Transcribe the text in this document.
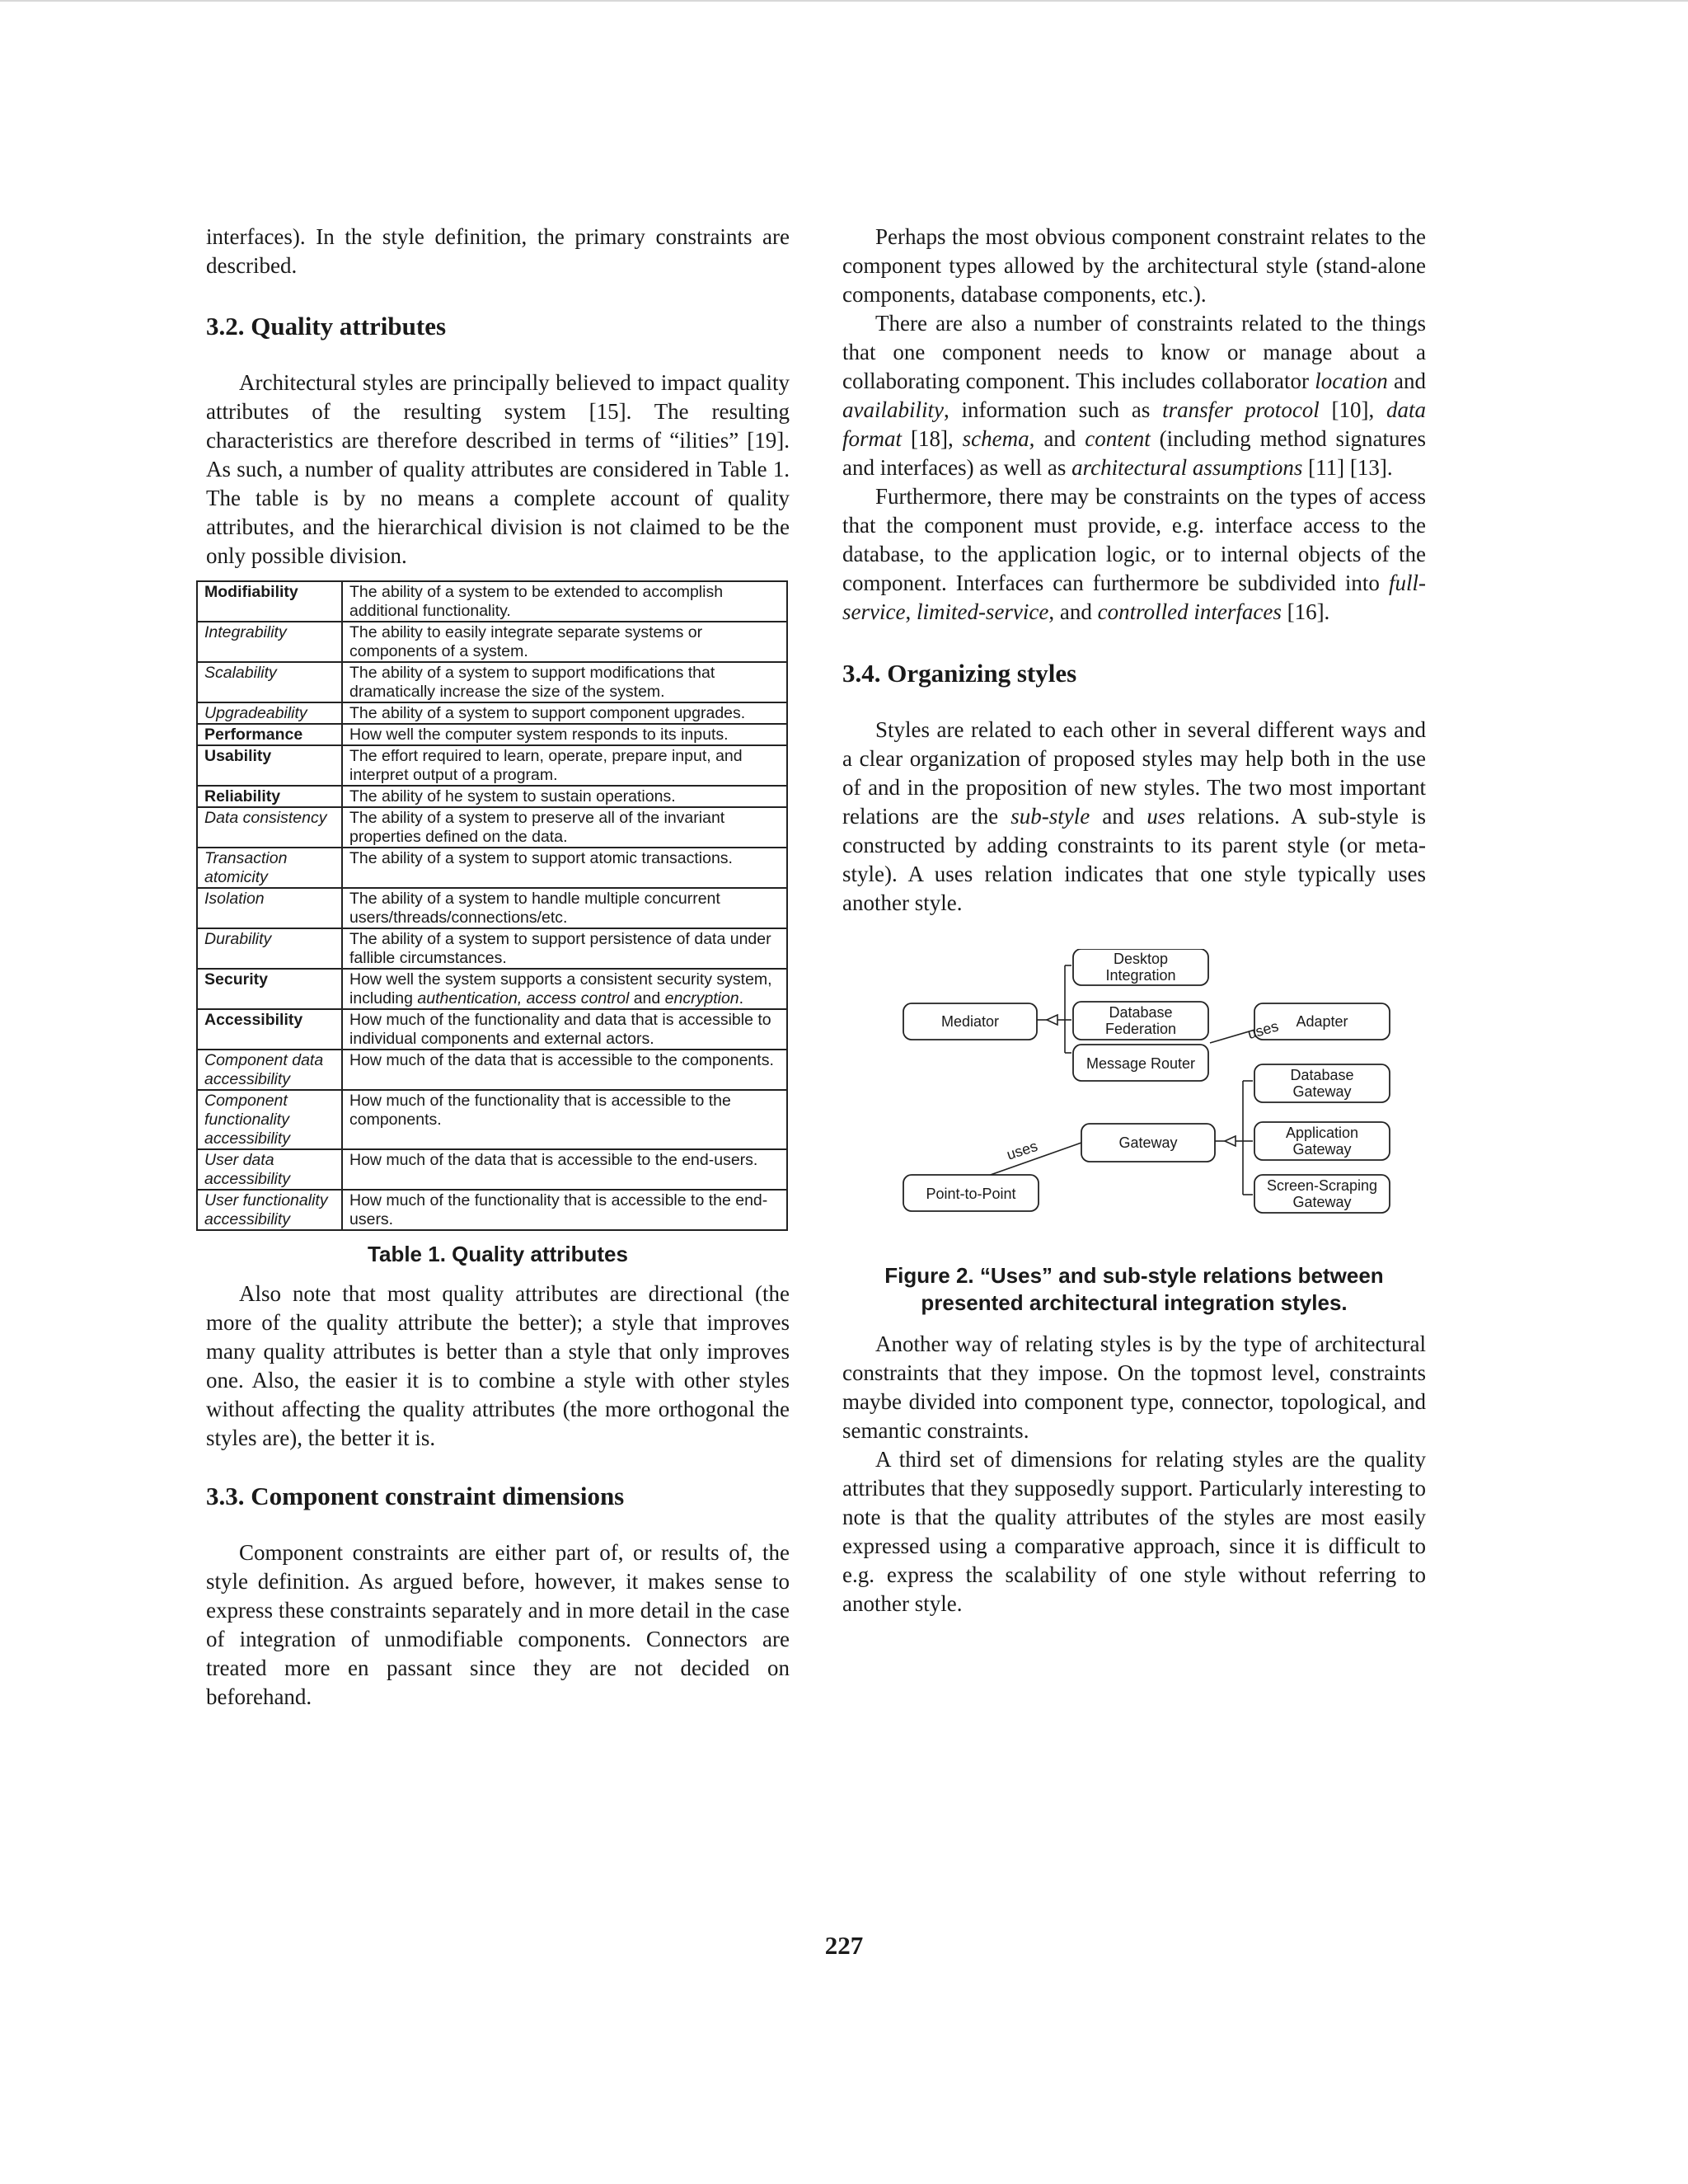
interfaces). In the style definition, the primary constraints are described.

3.2. Quality attributes

Architectural styles are principally believed to impact quality attributes of the resulting system [15]. The resulting characteristics are therefore described in terms of “ilities” [19]. As such, a number of quality attributes are considered in Table 1. The table is by no means a complete account of quality attributes, and the hierarchical division is not claimed to be the only possible division.

Modifiability	The ability of a system to be extended to accomplish additional functionality.
Integrability	The ability to easily integrate separate systems or components of a system.
Scalability	The ability of a system to support modifications that dramatically increase the size of the system.
Upgradeability	The ability of a system to support component upgrades.
Performance	How well the computer system responds to its inputs.
Usability	The effort required to learn, operate, prepare input, and interpret output of a program.
Reliability	The ability of he system to sustain operations.
Data consistency	The ability of a system to preserve all of the invariant properties defined on the data.
Transaction atomicity	The ability of a system to support atomic transactions.
Isolation	The ability of a system to handle multiple concurrent users/threads/connections/etc.
Durability	The ability of a system to support persistence of data under fallible circumstances.
Security	How well the system supports a consistent security system, including authentication, access control and encryption.
Accessibility	How much of the functionality and data that is accessible to individual components and external actors.
Component data accessibility	How much of the data that is accessible to the components.
Component functionality accessibility	How much of the functionality that is accessible to the components.
User data accessibility	How much of the data that is accessible to the end-users.
User functionality accessibility	How much of the functionality that is accessible to the end-users.
Table 1. Quality attributes

Also note that most quality attributes are directional (the more of the quality attribute the better); a style that improves many quality attributes is better than a style that only improves one. Also, the easier it is to combine a style with other styles without affecting the quality attributes (the more orthogonal the styles are), the better it is.

3.3. Component constraint dimensions

Component constraints are either part of, or results of, the style definition. As argued before, however, it makes sense to express these constraints separately and in more detail in the case of integration of unmodifiable components. Connectors are treated more en passant since they are not decided on beforehand.

Perhaps the most obvious component constraint relates to the component types allowed by the architectural style (stand-alone components, database components, etc.).

There are also a number of constraints related to the things that one component needs to know or manage about a collaborating component. This includes collaborator location and availability, information such as transfer protocol [10], data format [18], schema, and content (including method signatures and interfaces) as well as architectural assumptions [11] [13].

Furthermore, there may be constraints on the types of access that the component must provide, e.g. interface access to the database, to the application logic, or to internal objects of the component. Interfaces can furthermore be subdivided into full-service, limited-service, and controlled interfaces [16].

3.4. Organizing styles

Styles are related to each other in several different ways and a clear organization of proposed styles may help both in the use of and in the proposition of new styles. The two most important relations are the sub-style and uses relations. A sub-style is constructed by adding constraints to its parent style (or meta-style). A uses relation indicates that one style typically uses another style.

Desktop
Integration
Mediator
Database
Federation	Adapter
Message Router
Database
Gateway
Gateway
Application
Gateway
Point-to-Point	Screen-Scraping
Gateway
uses
uses
Figure 2. “Uses” and sub-style relations between
presented architectural integration styles.

Another way of relating styles is by the type of architectural constraints that they impose. On the topmost level, constraints maybe divided into component type, connector, topological, and semantic constraints.

A third set of dimensions for relating styles are the quality attributes that they supposedly support. Particularly interesting to note is that the quality attributes of the styles are most easily expressed using a comparative approach, since it is difficult to e.g. express the scalability of one style without referring to another style.

227
